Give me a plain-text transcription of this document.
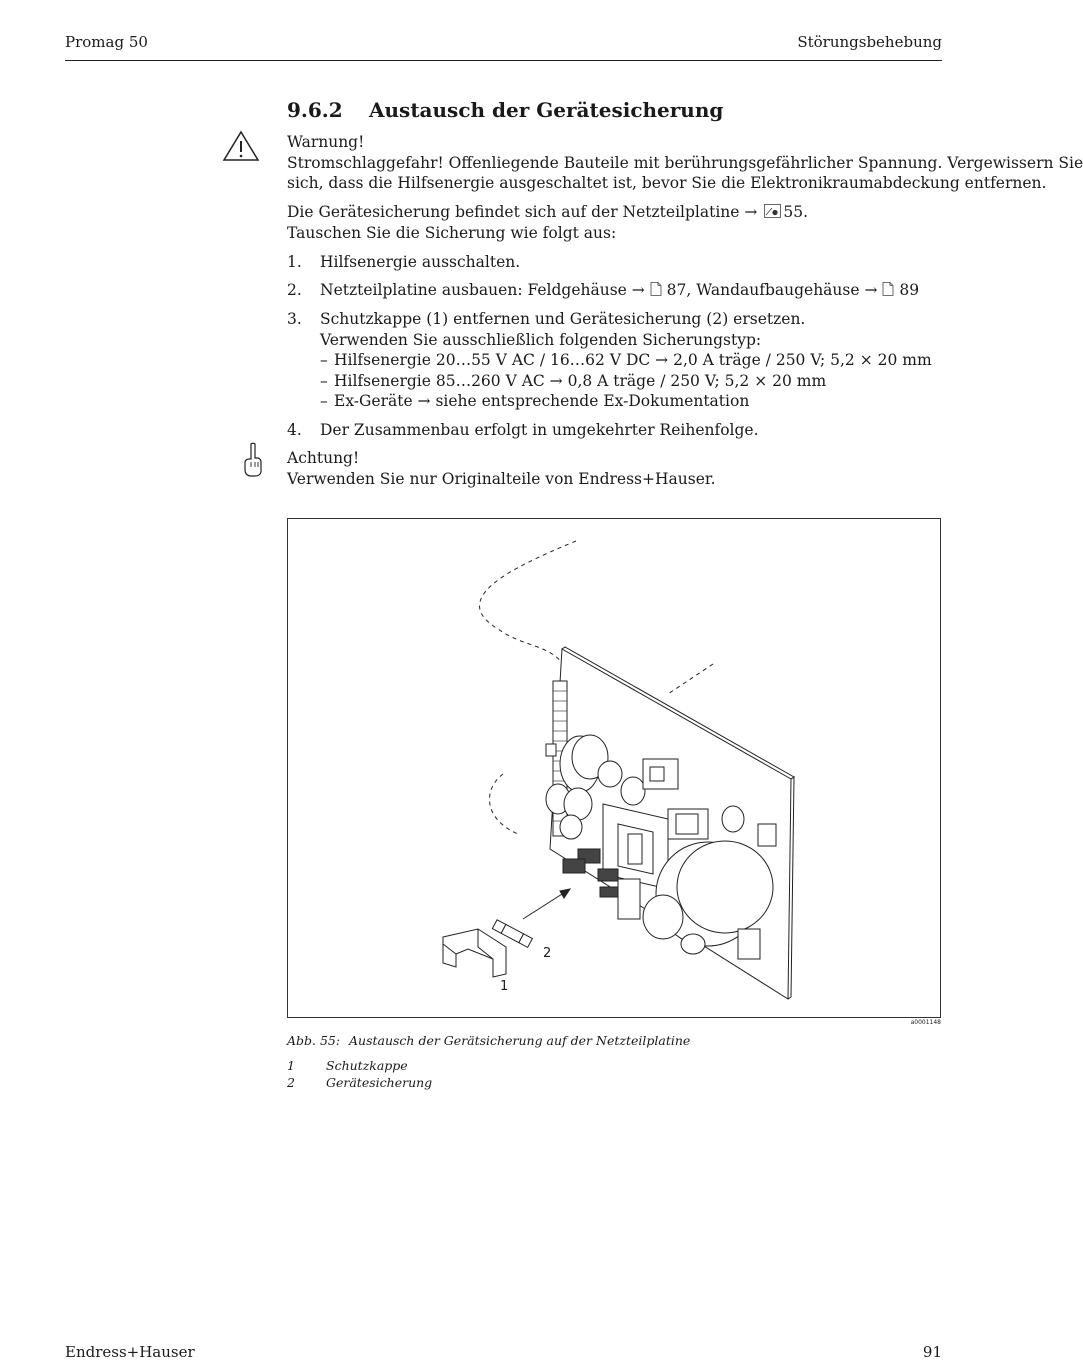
Promag 50	Störungsbehebung
9.6.2 Austausch der Gerätesicherung
Warnung!
Stromschlaggefahr! Offenliegende Bauteile mit berührungsgefährlicher Spannung. Vergewissern Sie
sich, dass die Hilfsenergie ausgeschaltet ist, bevor Sie die Elektronikraumabdeckung entfernen.
Die Gerätesicherung befindet sich auf der Netzteilplatine → 55.
Tauschen Sie die Sicherung wie folgt aus:
1. Hilfsenergie ausschalten.
2. Netzteilplatine ausbauen: Feldgehäuse → 87, Wandaufbaugehäuse → 89
3. Schutzkappe (1) entfernen und Gerätesicherung (2) ersetzen.
Verwenden Sie ausschließlich folgenden Sicherungstyp:
– Hilfsenergie 20…55 V AC / 16…62 V DC → 2,0 A träge / 250 V; 5,2 × 20 mm
– Hilfsenergie 85…260 V AC → 0,8 A träge / 250 V; 5,2 × 20 mm
– Ex-Geräte → siehe entsprechende Ex-Dokumentation
4. Der Zusammenbau erfolgt in umgekehrter Reihenfolge.
Achtung!
Verwenden Sie nur Originalteile von Endress+Hauser.
2
1
a0001148
Abb. 55: Austausch der Gerätsicherung auf der Netzteilplatine
1 Schutzkappe
2 Gerätesicherung
Endress+Hauser	91
